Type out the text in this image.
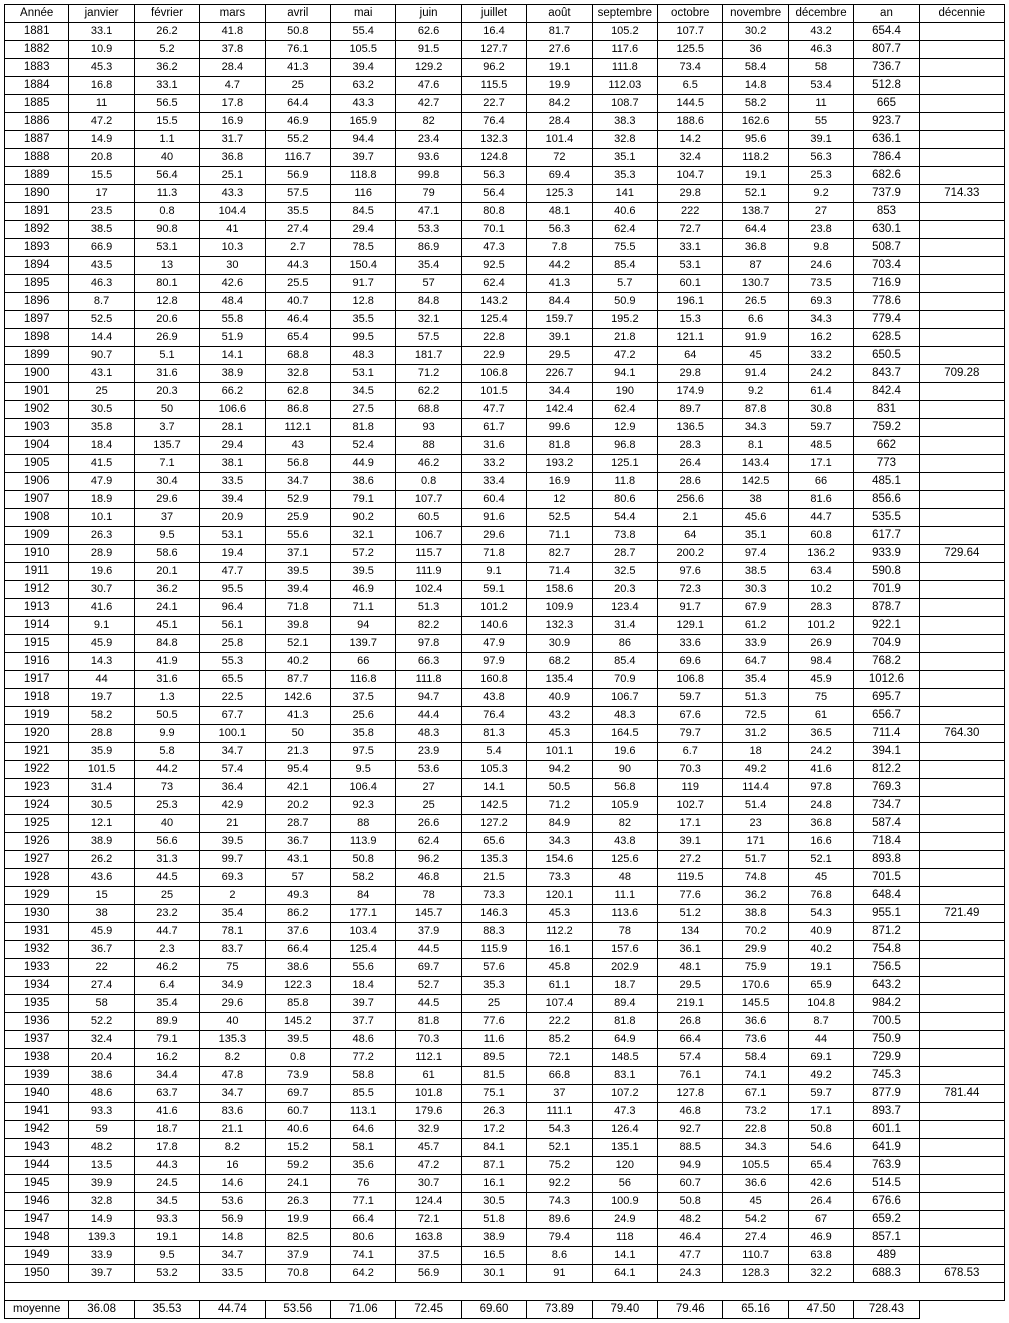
Année	janvier	février	mars	avril	mai	juin	juillet	août	septembre	octobre	novembre	décembre	an	décennie
1881	33.1	26.2	41.8	50.8	55.4	62.6	16.4	81.7	105.2	107.7	30.2	43.2	654.4	
1882	10.9	5.2	37.8	76.1	105.5	91.5	127.7	27.6	117.6	125.5	36	46.3	807.7	
1883	45.3	36.2	28.4	41.3	39.4	129.2	96.2	19.1	111.8	73.4	58.4	58	736.7	
1884	16.8	33.1	4.7	25	63.2	47.6	115.5	19.9	112.03	6.5	14.8	53.4	512.8	
1885	11	56.5	17.8	64.4	43.3	42.7	22.7	84.2	108.7	144.5	58.2	11	665	
1886	47.2	15.5	16.9	46.9	165.9	82	76.4	28.4	38.3	188.6	162.6	55	923.7	
1887	14.9	1.1	31.7	55.2	94.4	23.4	132.3	101.4	32.8	14.2	95.6	39.1	636.1	
1888	20.8	40	36.8	116.7	39.7	93.6	124.8	72	35.1	32.4	118.2	56.3	786.4	
1889	15.5	56.4	25.1	56.9	118.8	99.8	56.3	69.4	35.3	104.7	19.1	25.3	682.6	
1890	17	11.3	43.3	57.5	116	79	56.4	125.3	141	29.8	52.1	9.2	737.9	714.33
1891	23.5	0.8	104.4	35.5	84.5	47.1	80.8	48.1	40.6	222	138.7	27	853	
1892	38.5	90.8	41	27.4	29.4	53.3	70.1	56.3	62.4	72.7	64.4	23.8	630.1	
1893	66.9	53.1	10.3	2.7	78.5	86.9	47.3	7.8	75.5	33.1	36.8	9.8	508.7	
1894	43.5	13	30	44.3	150.4	35.4	92.5	44.2	85.4	53.1	87	24.6	703.4	
1895	46.3	80.1	42.6	25.5	91.7	57	62.4	41.3	5.7	60.1	130.7	73.5	716.9	
1896	8.7	12.8	48.4	40.7	12.8	84.8	143.2	84.4	50.9	196.1	26.5	69.3	778.6	
1897	52.5	20.6	55.8	46.4	35.5	32.1	125.4	159.7	195.2	15.3	6.6	34.3	779.4	
1898	14.4	26.9	51.9	65.4	99.5	57.5	22.8	39.1	21.8	121.1	91.9	16.2	628.5	
1899	90.7	5.1	14.1	68.8	48.3	181.7	22.9	29.5	47.2	64	45	33.2	650.5	
1900	43.1	31.6	38.9	32.8	53.1	71.2	106.8	226.7	94.1	29.8	91.4	24.2	843.7	709.28
1901	25	20.3	66.2	62.8	34.5	62.2	101.5	34.4	190	174.9	9.2	61.4	842.4	
1902	30.5	50	106.6	86.8	27.5	68.8	47.7	142.4	62.4	89.7	87.8	30.8	831	
1903	35.8	3.7	28.1	112.1	81.8	93	61.7	99.6	12.9	136.5	34.3	59.7	759.2	
1904	18.4	135.7	29.4	43	52.4	88	31.6	81.8	96.8	28.3	8.1	48.5	662	
1905	41.5	7.1	38.1	56.8	44.9	46.2	33.2	193.2	125.1	26.4	143.4	17.1	773	
1906	47.9	30.4	33.5	34.7	38.6	0.8	33.4	16.9	11.8	28.6	142.5	66	485.1	
1907	18.9	29.6	39.4	52.9	79.1	107.7	60.4	12	80.6	256.6	38	81.6	856.6	
1908	10.1	37	20.9	25.9	90.2	60.5	91.6	52.5	54.4	2.1	45.6	44.7	535.5	
1909	26.3	9.5	53.1	55.6	32.1	106.7	29.6	71.1	73.8	64	35.1	60.8	617.7	
1910	28.9	58.6	19.4	37.1	57.2	115.7	71.8	82.7	28.7	200.2	97.4	136.2	933.9	729.64
1911	19.6	20.1	47.7	39.5	39.5	111.9	9.1	71.4	32.5	97.6	38.5	63.4	590.8	
1912	30.7	36.2	95.5	39.4	46.9	102.4	59.1	158.6	20.3	72.3	30.3	10.2	701.9	
1913	41.6	24.1	96.4	71.8	71.1	51.3	101.2	109.9	123.4	91.7	67.9	28.3	878.7	
1914	9.1	45.1	56.1	39.8	94	82.2	140.6	132.3	31.4	129.1	61.2	101.2	922.1	
1915	45.9	84.8	25.8	52.1	139.7	97.8	47.9	30.9	86	33.6	33.9	26.9	704.9	
1916	14.3	41.9	55.3	40.2	66	66.3	97.9	68.2	85.4	69.6	64.7	98.4	768.2	
1917	44	31.6	65.5	87.7	116.8	111.8	160.8	135.4	70.9	106.8	35.4	45.9	1012.6	
1918	19.7	1.3	22.5	142.6	37.5	94.7	43.8	40.9	106.7	59.7	51.3	75	695.7	
1919	58.2	50.5	67.7	41.3	25.6	44.4	76.4	43.2	48.3	67.6	72.5	61	656.7	
1920	28.8	9.9	100.1	50	35.8	48.3	81.3	45.3	164.5	79.7	31.2	36.5	711.4	764.30
1921	35.9	5.8	34.7	21.3	97.5	23.9	5.4	101.1	19.6	6.7	18	24.2	394.1	
1922	101.5	44.2	57.4	95.4	9.5	53.6	105.3	94.2	90	70.3	49.2	41.6	812.2	
1923	31.4	73	36.4	42.1	106.4	27	14.1	50.5	56.8	119	114.4	97.8	769.3	
1924	30.5	25.3	42.9	20.2	92.3	25	142.5	71.2	105.9	102.7	51.4	24.8	734.7	
1925	12.1	40	21	28.7	88	26.6	127.2	84.9	82	17.1	23	36.8	587.4	
1926	38.9	56.6	39.5	36.7	113.9	62.4	65.6	34.3	43.8	39.1	171	16.6	718.4	
1927	26.2	31.3	99.7	43.1	50.8	96.2	135.3	154.6	125.6	27.2	51.7	52.1	893.8	
1928	43.6	44.5	69.3	57	58.2	46.8	21.5	73.3	48	119.5	74.8	45	701.5	
1929	15	25	2	49.3	84	78	73.3	120.1	11.1	77.6	36.2	76.8	648.4	
1930	38	23.2	35.4	86.2	177.1	145.7	146.3	45.3	113.6	51.2	38.8	54.3	955.1	721.49
1931	45.9	44.7	78.1	37.6	103.4	37.9	88.3	112.2	78	134	70.2	40.9	871.2	
1932	36.7	2.3	83.7	66.4	125.4	44.5	115.9	16.1	157.6	36.1	29.9	40.2	754.8	
1933	22	46.2	75	38.6	55.6	69.7	57.6	45.8	202.9	48.1	75.9	19.1	756.5	
1934	27.4	6.4	34.9	122.3	18.4	52.7	35.3	61.1	18.7	29.5	170.6	65.9	643.2	
1935	58	35.4	29.6	85.8	39.7	44.5	25	107.4	89.4	219.1	145.5	104.8	984.2	
1936	52.2	89.9	40	145.2	37.7	81.8	77.6	22.2	81.8	26.8	36.6	8.7	700.5	
1937	32.4	79.1	135.3	39.5	48.6	70.3	11.6	85.2	64.9	66.4	73.6	44	750.9	
1938	20.4	16.2	8.2	0.8	77.2	112.1	89.5	72.1	148.5	57.4	58.4	69.1	729.9	
1939	38.6	34.4	47.8	73.9	58.8	61	81.5	66.8	83.1	76.1	74.1	49.2	745.3	
1940	48.6	63.7	34.7	69.7	85.5	101.8	75.1	37	107.2	127.8	67.1	59.7	877.9	781.44
1941	93.3	41.6	83.6	60.7	113.1	179.6	26.3	111.1	47.3	46.8	73.2	17.1	893.7	
1942	59	18.7	21.1	40.6	64.6	32.9	17.2	54.3	126.4	92.7	22.8	50.8	601.1	
1943	48.2	17.8	8.2	15.2	58.1	45.7	84.1	52.1	135.1	88.5	34.3	54.6	641.9	
1944	13.5	44.3	16	59.2	35.6	47.2	87.1	75.2	120	94.9	105.5	65.4	763.9	
1945	39.9	24.5	14.6	24.1	76	30.7	16.1	92.2	56	60.7	36.6	42.6	514.5	
1946	32.8	34.5	53.6	26.3	77.1	124.4	30.5	74.3	100.9	50.8	45	26.4	676.6	
1947	14.9	93.3	56.9	19.9	66.4	72.1	51.8	89.6	24.9	48.2	54.2	67	659.2	
1948	139.3	19.1	14.8	82.5	80.6	163.8	38.9	79.4	118	46.4	27.4	46.9	857.1	
1949	33.9	9.5	34.7	37.9	74.1	37.5	16.5	8.6	14.1	47.7	110.7	63.8	489	
1950	39.7	53.2	33.5	70.8	64.2	56.9	30.1	91	64.1	24.3	128.3	32.2	688.3	678.53

moyenne	36.08	35.53	44.74	53.56	71.06	72.45	69.60	73.89	79.40	79.46	65.16	47.50	728.43	
